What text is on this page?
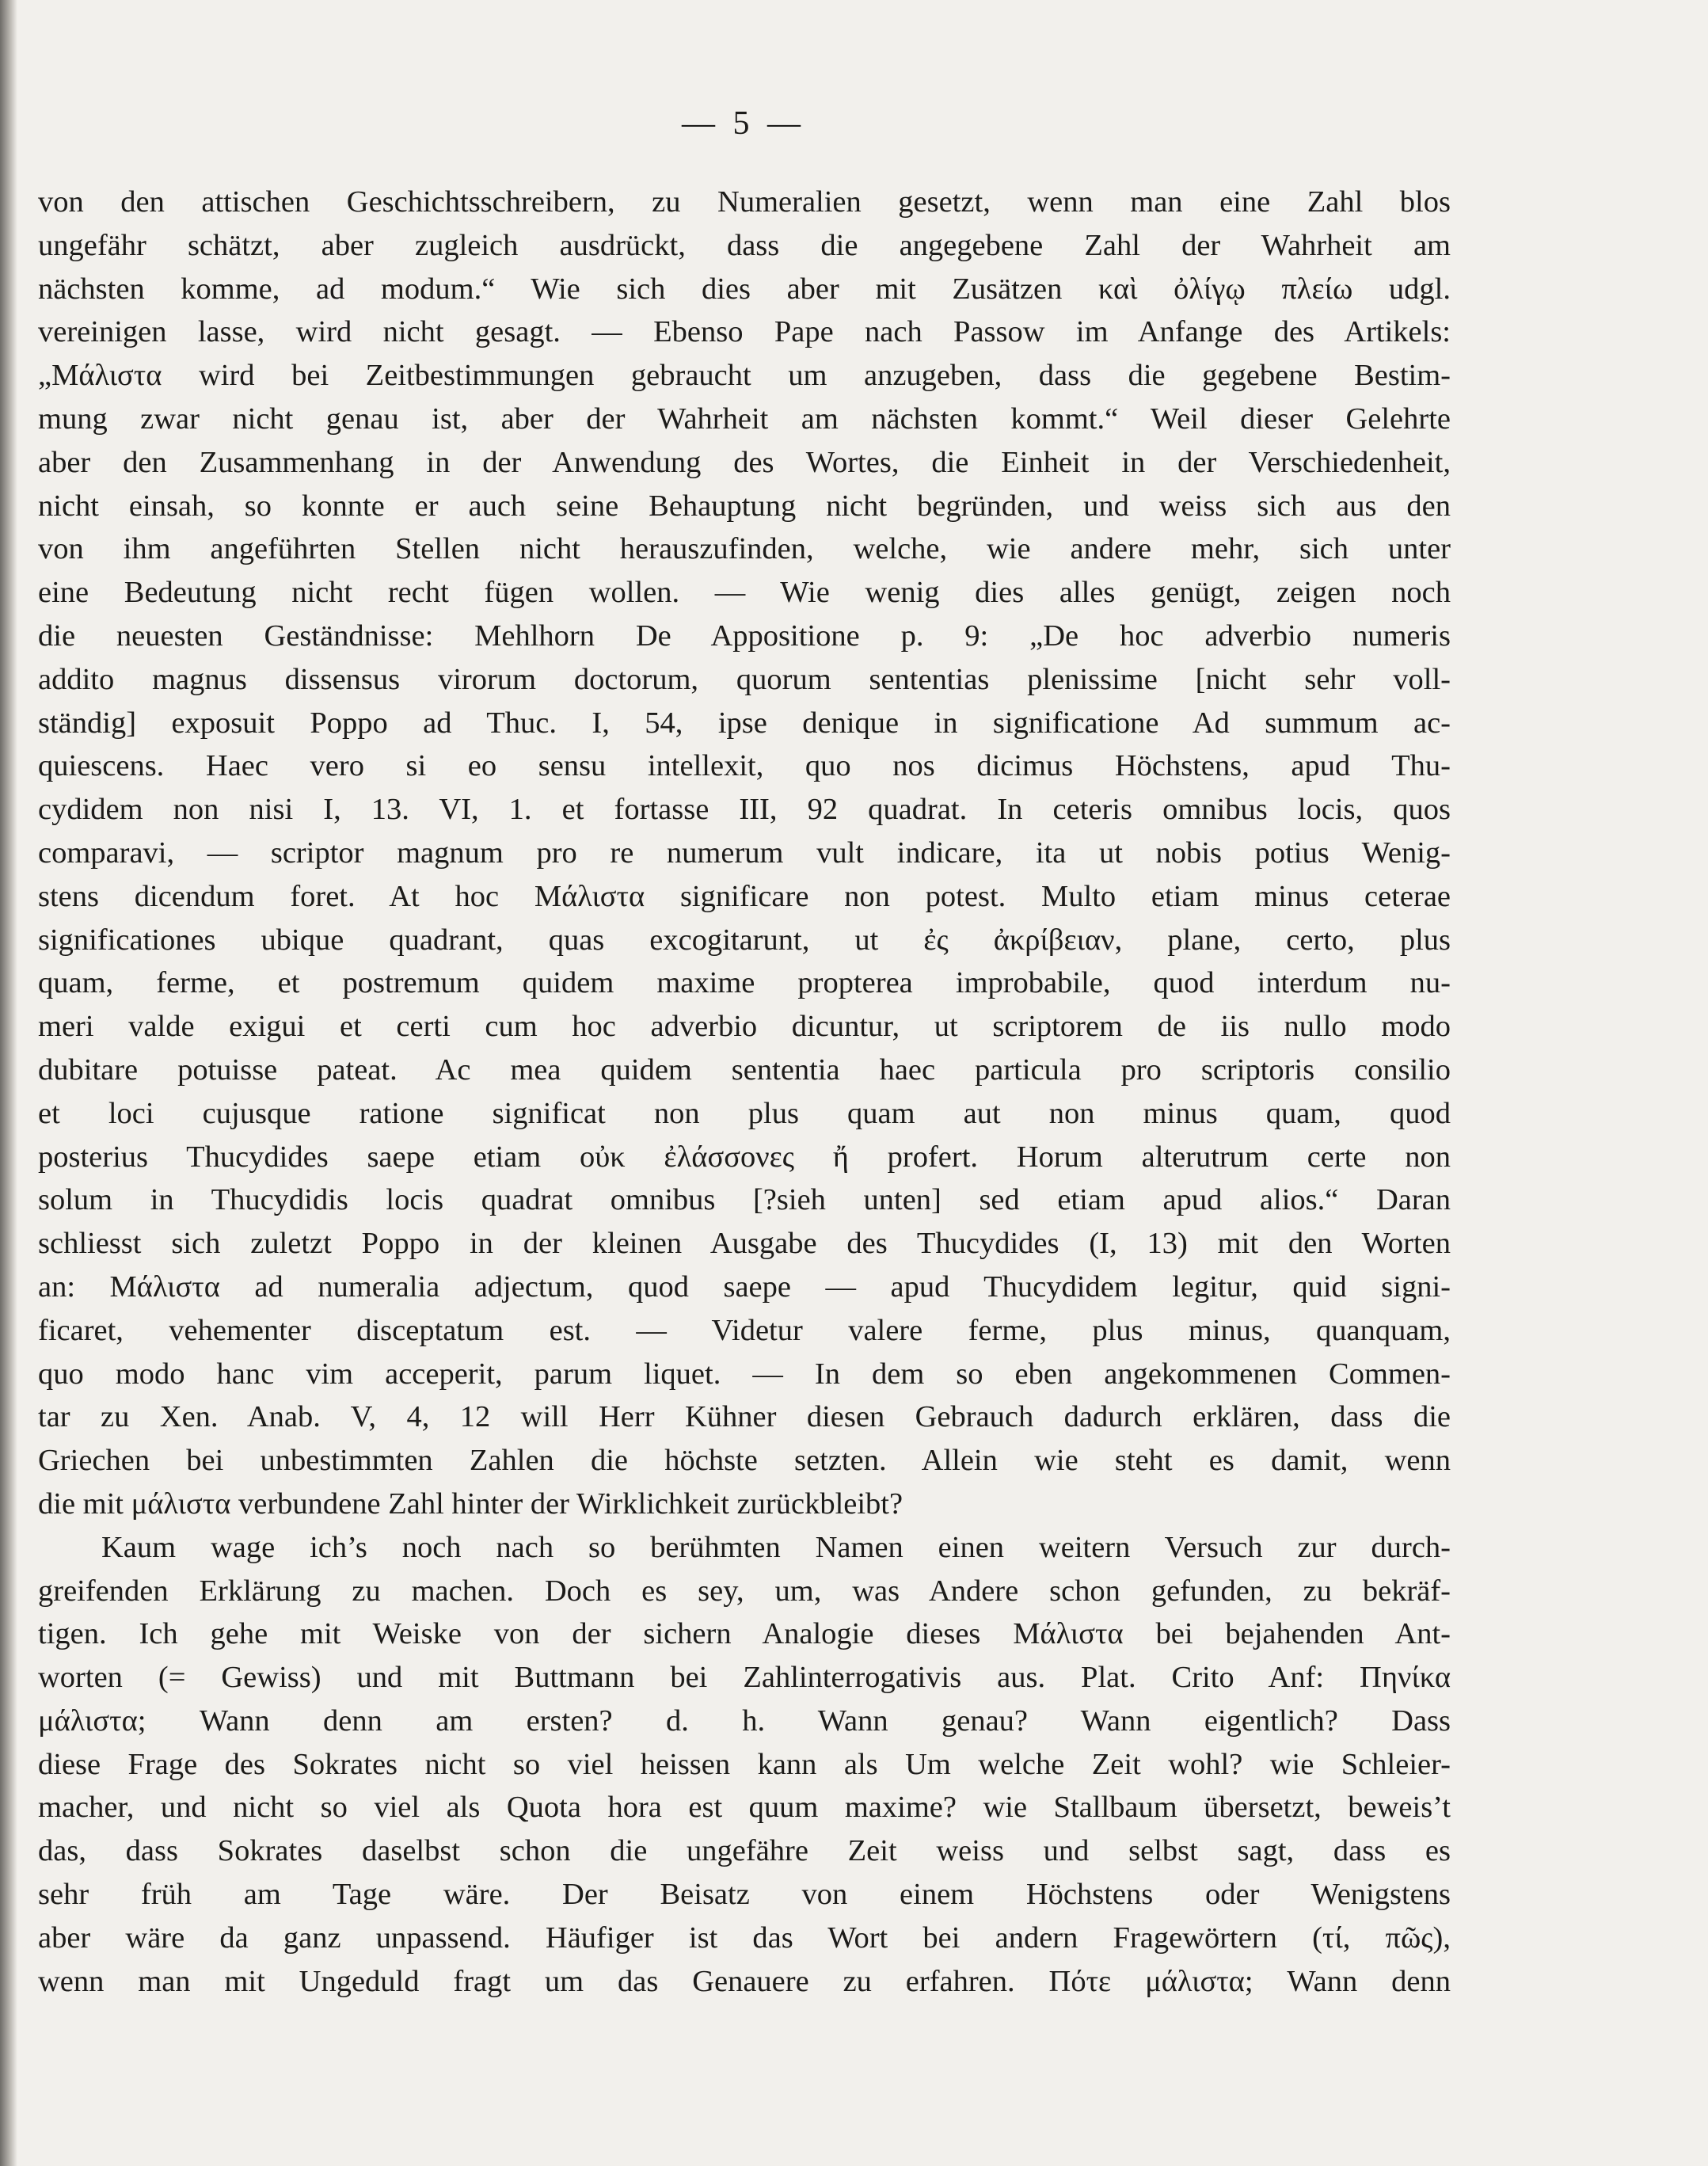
— 5 —
von den attischen Geschichtsschreibern, zu Numeralien gesetzt, wenn man eine Zahl blos
ungefähr schätzt, aber zugleich ausdrückt, dass die angegebene Zahl der Wahrheit am
nächsten komme, ad modum.“ Wie sich dies aber mit Zusätzen καὶ ὀλίγῳ πλείω udgl.
vereinigen lasse, wird nicht gesagt. — Ebenso Pape nach Passow im Anfange des Artikels:
„Μάλιστα wird bei Zeitbestimmungen gebraucht um anzugeben, dass die gegebene Bestim-
mung zwar nicht genau ist, aber der Wahrheit am nächsten kommt.“ Weil dieser Gelehrte
aber den Zusammenhang in der Anwendung des Wortes, die Einheit in der Verschiedenheit,
nicht einsah, so konnte er auch seine Behauptung nicht begründen, und weiss sich aus den
von ihm angeführten Stellen nicht herauszufinden, welche, wie andere mehr, sich unter
eine Bedeutung nicht recht fügen wollen. — Wie wenig dies alles genügt, zeigen noch
die neuesten Geständnisse: Mehlhorn De Appositione p. 9: „De hoc adverbio numeris
addito magnus dissensus virorum doctorum, quorum sententias plenissime [nicht sehr voll-
ständig] exposuit Poppo ad Thuc. I, 54, ipse denique in significatione Ad summum ac-
quiescens. Haec vero si eo sensu intellexit, quo nos dicimus Höchstens, apud Thu-
cydidem non nisi I, 13. VI, 1. et fortasse III, 92 quadrat. In ceteris omnibus locis, quos
comparavi, — scriptor magnum pro re numerum vult indicare, ita ut nobis potius Wenig-
stens dicendum foret. At hoc Μάλιστα significare non potest. Multo etiam minus ceterae
significationes ubique quadrant, quas excogitarunt, ut ἐς ἀκρίβειαν, plane, certo, plus
quam, ferme, et postremum quidem maxime propterea improbabile, quod interdum nu-
meri valde exigui et certi cum hoc adverbio dicuntur, ut scriptorem de iis nullo modo
dubitare potuisse pateat. Ac mea quidem sententia haec particula pro scriptoris consilio
et loci cujusque ratione significat non plus quam aut non minus quam, quod
posterius Thucydides saepe etiam οὐκ ἐλάσσονες ἤ profert. Horum alterutrum certe non
solum in Thucydidis locis quadrat omnibus [?sieh unten] sed etiam apud alios.“ Daran
schliesst sich zuletzt Poppo in der kleinen Ausgabe des Thucydides (I, 13) mit den Worten
an: Μάλιστα ad numeralia adjectum, quod saepe — apud Thucydidem legitur, quid signi-
ficaret, vehementer disceptatum est. — Videtur valere ferme, plus minus, quanquam,
quo modo hanc vim acceperit, parum liquet. — In dem so eben angekommenen Commen-
tar zu Xen. Anab. V, 4, 12 will Herr Kühner diesen Gebrauch dadurch erklären, dass die
Griechen bei unbestimmten Zahlen die höchste setzten. Allein wie steht es damit, wenn
die mit μάλιστα verbundene Zahl hinter der Wirklichkeit zurückbleibt?
Kaum wage ich’s noch nach so berühmten Namen einen weitern Versuch zur durch-
greifenden Erklärung zu machen. Doch es sey, um, was Andere schon gefunden, zu bekräf-
tigen. Ich gehe mit Weiske von der sichern Analogie dieses Μάλιστα bei bejahenden Ant-
worten (= Gewiss) und mit Buttmann bei Zahlinterrogativis aus. Plat. Crito Anf: Πηνίκα
μάλιστα; Wann denn am ersten? d. h. Wann genau? Wann eigentlich? Dass
diese Frage des Sokrates nicht so viel heissen kann als Um welche Zeit wohl? wie Schleier-
macher, und nicht so viel als Quota hora est quum maxime? wie Stallbaum übersetzt, beweis’t
das, dass Sokrates daselbst schon die ungefähre Zeit weiss und selbst sagt, dass es
sehr früh am Tage wäre. Der Beisatz von einem Höchstens oder Wenigstens
aber wäre da ganz unpassend. Häufiger ist das Wort bei andern Fragewörtern (τί, πῶς),
wenn man mit Ungeduld fragt um das Genauere zu erfahren. Πότε μάλιστα; Wann denn
